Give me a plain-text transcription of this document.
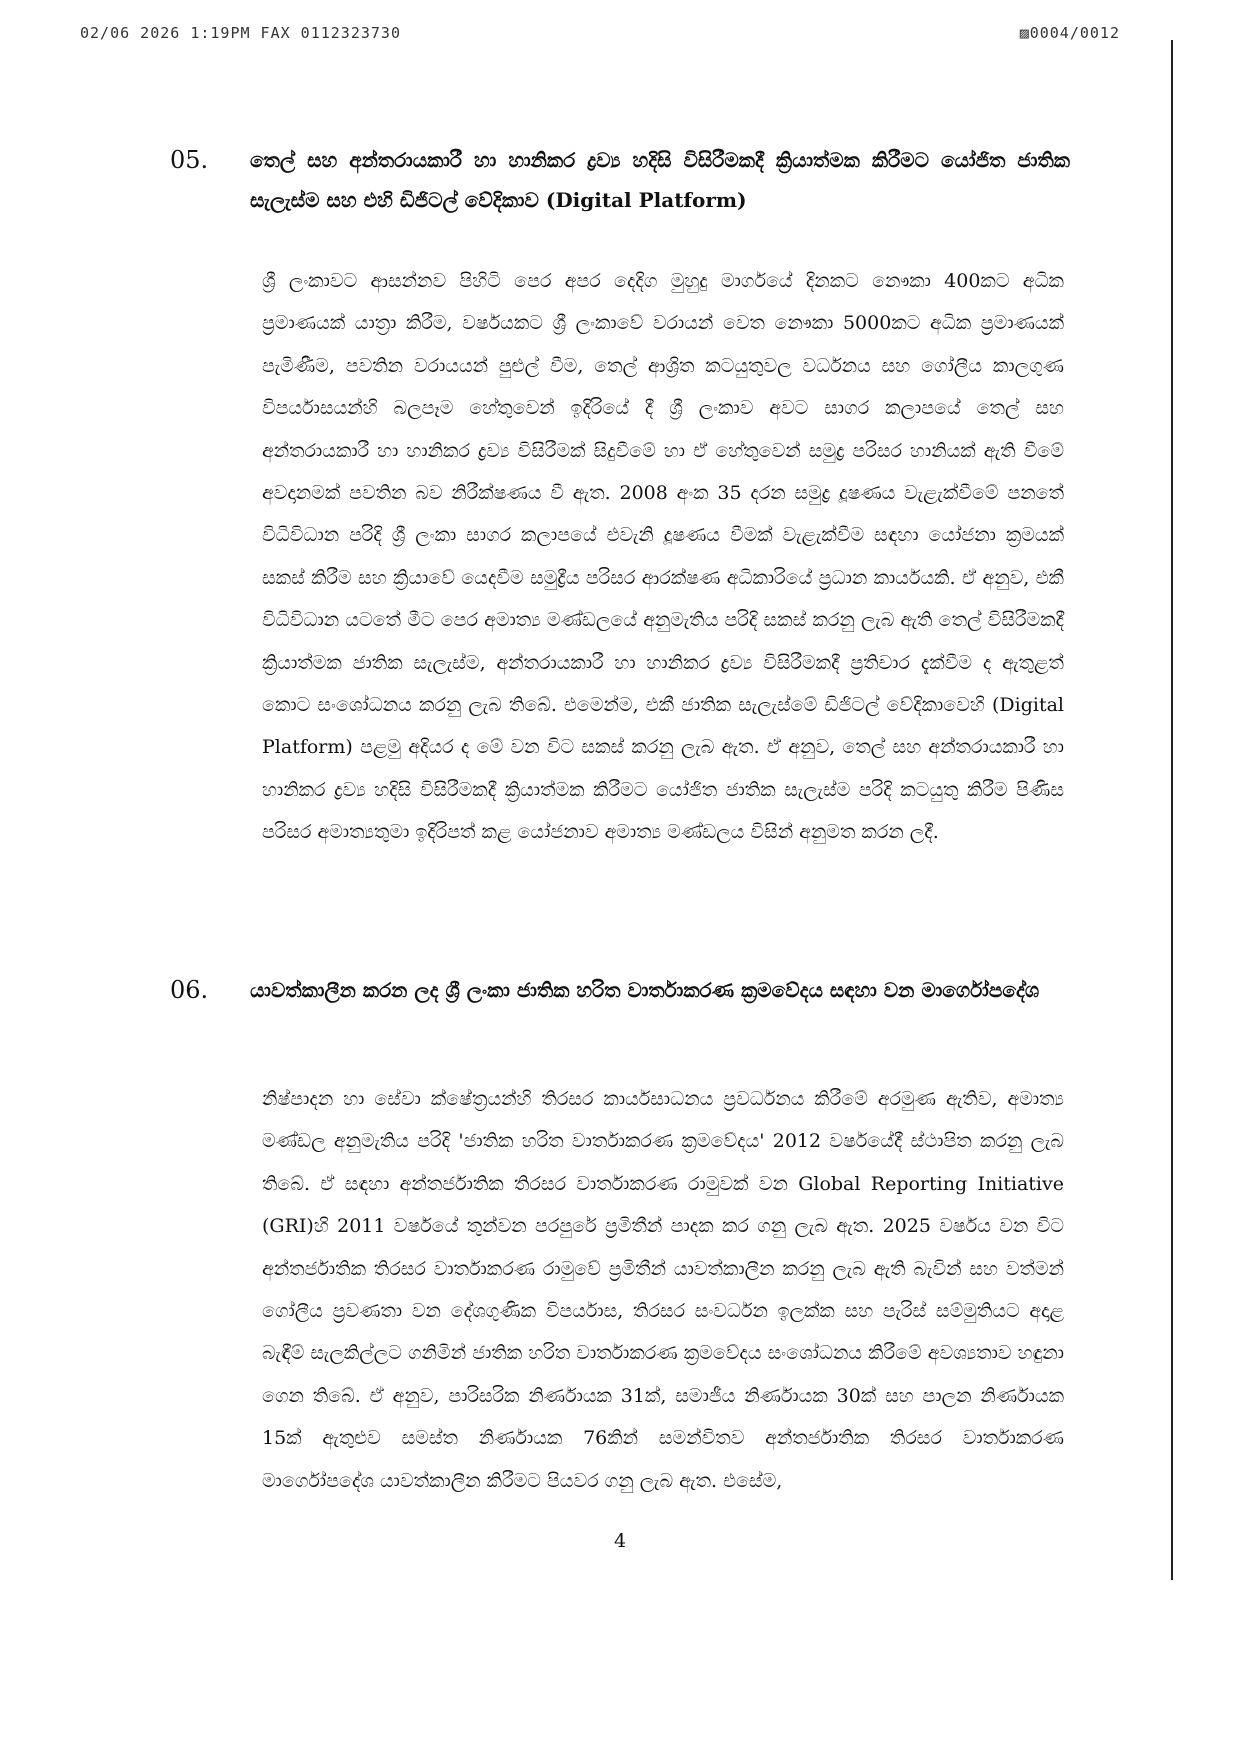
02/06 2026 1:19PM FAX 0112323730	▨0004/0012
05.	තෙල් සහ අන්තරායකාරී හා හානිකර ද්‍රව්‍ය හදිසි විසිරීමකදී ක්‍රියාත්මක කිරීමට යෝජිත ජාතික සැලැස්ම සහ එහි ඩිජිටල් වේදිකාව (Digital Platform)
ශ්‍රී ලංකාවට ආසන්නව පිහිටි පෙර අපර දෙදිග මුහුදු මාර්ගයේ දිනකට නෞකා 400කට අධික ප්‍රමාණයක් යාත්‍රා කිරීම, වර්ෂයකට ශ්‍රී ලංකාවේ වරායන් වෙත නෞකා 5000කට අධික ප්‍රමාණයක් පැමිණීම, පවතින වරායයන් පුළුල් වීම, තෙල් ආශ්‍රිත කටයුතුවල වර්ධනය සහ ගෝලීය කාලගුණ විපර්යාසයන්හි බලපෑම හේතුවෙන් ඉදිරියේ දී ශ්‍රී ලංකාව අවට සාගර කලාපයේ තෙල් සහ අන්තරායකාරී හා හානිකර ද්‍රව්‍ය විසිරීමක් සිදුවීමේ හා ඒ හේතුවෙන් සමුද්‍ර පරිසර හානියක් ඇති වීමේ අවදානමක් පවතින බව නිරීක්ෂණය වී ඇත. 2008 අංක 35 දරන සමුද්‍ර දූෂණය වැළැක්වීමේ පනතේ විධිවිධාන පරිදි ශ්‍රී ලංකා සාගර කලාපයේ එවැනි දූෂණය වීමක් වැළැක්වීම සඳහා යෝජනා ක්‍රමයක් සකස් කිරීම සහ ක්‍රියාවේ යෙදවීම සමුද්‍රීය පරිසර ආරක්ෂණ අධිකාරියේ ප්‍රධාන කාර්යයකි. ඒ අනුව, එකී විධිවිධාන යටතේ මීට පෙර අමාත්‍ය මණ්ඩලයේ අනුමැතිය පරිදි සකස් කරනු ලැබ ඇති තෙල් විසිරීමකදී ක්‍රියාත්මක ජාතික සැලැස්ම, අන්තරායකාරී හා හානිකර ද්‍රව්‍ය විසිරීමකදී ප්‍රතිචාර දැක්වීම ද ඇතුළත් කොට සංශෝධනය කරනු ලැබ තිබේ. එමෙන්ම, එකී ජාතික සැලැස්මේ ඩිජිටල් වේදිකාවෙහි (Digital Platform) පළමු අදියර ද මේ වන විට සකස් කරනු ලැබ ඇත. ඒ අනුව, තෙල් සහ අන්තරායකාරී හා හානිකර ද්‍රව්‍ය හදිසි විසිරීමකදී ක්‍රියාත්මක කිරීමට යෝජිත ජාතික සැලැස්ම පරිදි කටයුතු කිරීම පිණිස පරිසර අමාත්‍යතුමා ඉදිරිපත් කළ යෝජනාව අමාත්‍ය මණ්ඩලය විසින් අනුමත කරන ලදී.
06.	යාවත්කාලීන කරන ලද ශ්‍රී ලංකා ජාතික හරිත වාර්තාකරණ ක්‍රමවේදය සඳහා වන මාර්ගෝපදේශ
නිෂ්පාදන හා සේවා ක්ෂේත්‍රයන්හි තිරසර කාර්යසාධනය ප්‍රවර්ධනය කිරීමේ අරමුණ ඇතිව, අමාත්‍ය මණ්ඩල අනුමැතිය පරිදි 'ජාතික හරිත වාර්තාකරණ ක්‍රමවේදය' 2012 වර්ෂයේදී ස්ථාපිත කරනු ලැබ තිබේ. ඒ සඳහා අන්තර්ජාතික තිරසර වාර්තාකරණ රාමුවක් වන Global Reporting Initiative (GRI)හි 2011 වර්ෂයේ තුන්වන පරපුරේ ප්‍රමිතීන් පාදක කර ගනු ලැබ ඇත. 2025 වර්ෂය වන විට අන්තර්ජාතික තිරසර වාර්තාකරණ රාමුවේ ප්‍රමිතීන් යාවත්කාලීන කරනු ලැබ ඇති බැවින් සහ වත්මන් ගෝලීය ප්‍රවණතා වන දේශගුණික විපර්යාස, තිරසර සංවර්ධන ඉලක්ක සහ පැරිස් සම්මුතියට අදාළ බැඳීම් සැලකිල්ලට ගනිමින් ජාතික හරිත වාර්තාකරණ ක්‍රමවේදය සංශෝධනය කිරීමේ අවශ්‍යතාව හඳුනා ගෙන තිබේ. ඒ අනුව, පාරිසරික නිර්ණායක 31ක්, සමාජීය නිර්ණායක 30ක් සහ පාලන නිර්ණායක 15ක් ඇතුළුව සමස්ත නිර්ණායක 76කින් සමන්විතව අන්තර්ජාතික තිරසර වාර්තාකරණ මාර්ගෝපදේශ යාවත්කාලීන කිරීමට පියවර ගනු ලැබ ඇත. එසේම,
4
